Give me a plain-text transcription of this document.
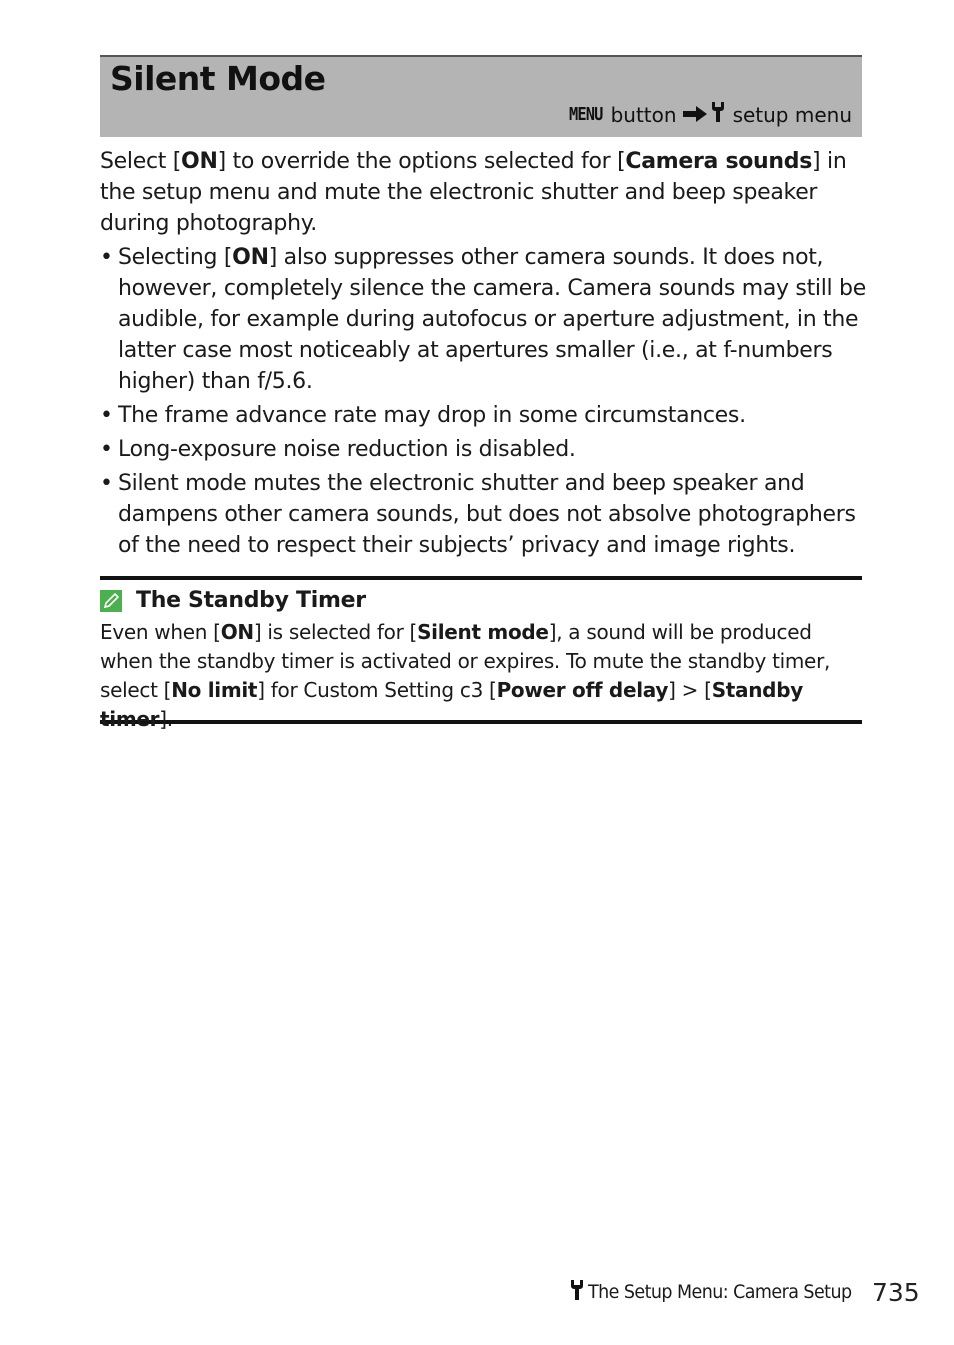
Silent Mode
MENU button	setup menu

Select [ON] to override the options selected for [Camera sounds] in the setup menu and mute the electronic shutter and beep speaker during photography.

• Selecting [ON] also suppresses other camera sounds. It does not, however, completely silence the camera. Camera sounds may still be audible, for example during autofocus or aperture adjustment, in the latter case most noticeably at apertures smaller (i.e., at f-numbers higher) than f/5.6.
• The frame advance rate may drop in some circumstances.
• Long-exposure noise reduction is disabled.
• Silent mode mutes the electronic shutter and beep speaker and dampens other camera sounds, but does not absolve photographers of the need to respect their subjects’ privacy and image rights.
The Standby Timer

Even when [ON] is selected for [Silent mode], a sound will be produced when the standby timer is activated or expires. To mute the standby timer, select [No limit] for Custom Setting c3 [Power off delay] > [Standby timer].

The Setup Menu: Camera Setup 735
